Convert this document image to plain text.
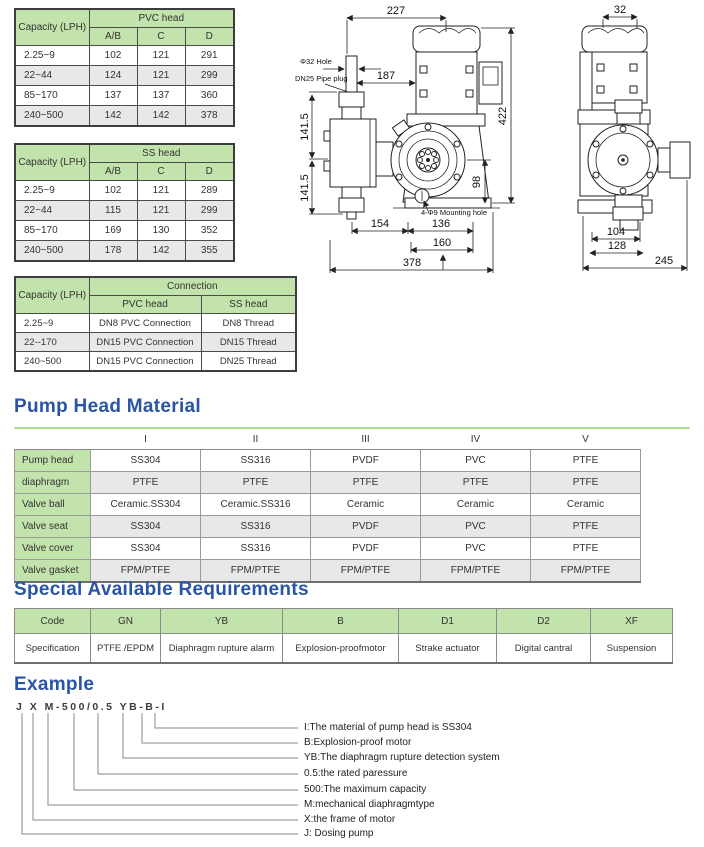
Capacity (LPH)	PVC head		
	A/B	C	D
2.25~9	102	121	291
22~44	124	121	299
85~170	137	137	360
240~500	142	142	378
Capacity (LPH)	SS head		
	A/B	C	D
2.25~9	102	121	289
22~44	115	121	299
85~170	169	130	352
240~500	178	142	355
Capacity (LPH)	Connection	
	PVC head	SS head
2.25~9	DN8 PVC Connection	DN8 Thread
22--170	DN15 PVC Connection	DN15 Thread
240~500	DN15 PVC Connection	DN25 Thread
227
422
187
Φ32 Hole
DN25 Pipe plug
141.5
141.5	98
4-Φ9 Mounting hole
154	136
160
378
32
104
128
245
Pump Head Material
	I	II	III	IV	V
Pump head	SS304	SS316	PVDF	PVC	PTFE
diaphragm	PTFE	PTFE	PTFE	PTFE	PTFE
Valve ball	Ceramic.SS304	Ceramic.SS316	Ceramic	Ceramic	Ceramic
Valve seat	SS304	SS316	PVDF	PVC	PTFE
Valve cover	SS304	SS316	PVDF	PVC	PTFE
Valve gasket	FPM/PTFE	FPM/PTFE	FPM/PTFE	FPM/PTFE	FPM/PTFE
Special Available Requirements
Code	GN	YB	B	D1	D2	XF
Specification	PTFE /EPDM	Diaphragm rupture alarm	Explosion-proofmotor	Strake actuator	Digital cantral	Suspension
Example
J X M-500/0.5 YB-B-I
I:The material of pump head is SS304
B:Explosion-proof motor
YB:The diaphragm rupture detection system
0.5:the rated paressure
500:The maximum capacity
M:mechanical diaphragmtype
X:the frame of motor
J: Dosing pump
